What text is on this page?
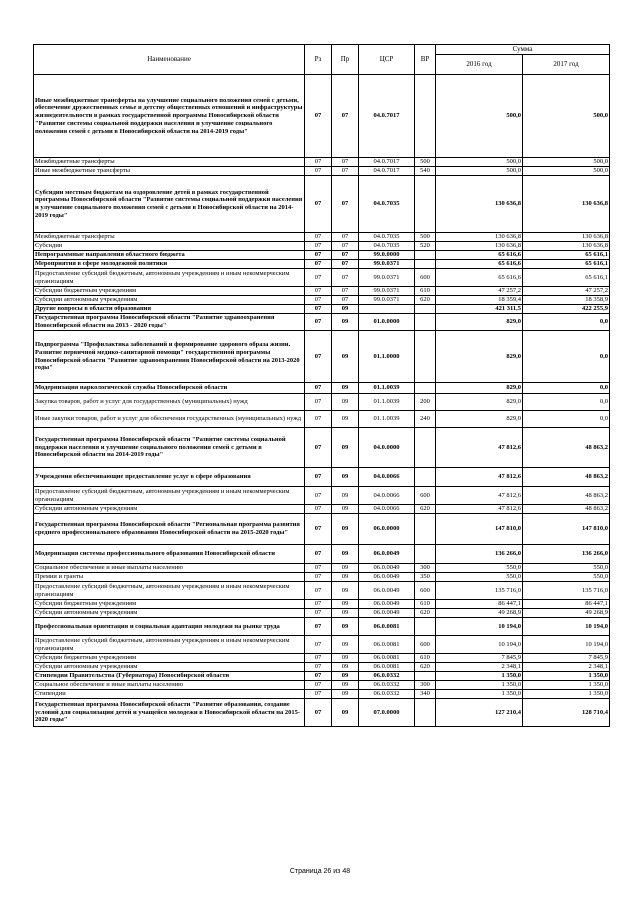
Наименование	Рз	Пр	ЦСР	ВР	Сумма	
					2016 год	2017 год
Иные межбюджетные трансферты на улучшение социального положения семей с детьми, обеспечение дружественных семье и детству общественных отношений и инфраструктуры жизнедеятельности в рамках государственной программы Новосибирской области "Развитие системы социальной поддержки населения и улучшение социального положения семей с детьми в Новосибирской области на 2014-2019 годы"	07	07	04.0.7017		500,0	500,0
Межбюджетные трансферты	07	07	04.0.7017	500	500,0	500,0
Иные межбюджетные трансферты	07	07	04.0.7017	540	500,0	500,0
Субсидии местным бюджетам на оздоровление детей в рамках государственной программы Новосибирской области "Развитие системы социальной поддержки населения и улучшение социального положения семей с детьми в Новосибирской области на 2014-2019 годы"	07	07	04.0.7035		130 636,8	130 636,8
Межбюджетные трансферты	07	07	04.0.7035	500	130 636,8	130 636,8
Субсидии	07	07	04.0.7035	520	130 636,8	130 636,8
Непрограммные направления областного бюджета	07	07	99.0.0000		65 616,6	65 616,1
Мероприятия в сфере молодежной политики	07	07	99.0.0371		65 616,6	65 616,1
Предоставление субсидий бюджетным, автономным учреждениям и иным некоммерческим организациям	07	07	99.0.0371	600	65 616,6	65 616,1
Субсидии бюджетным учреждениям	07	07	99.0.0371	610	47 257,2	47 257,2
Субсидии автономным учреждениям	07	07	99.0.0371	620	18 359,4	18 358,9
Другие вопросы в области образования	07	09			421 311,5	422 255,9
Государственная программа Новосибирской области "Развитие здравоохранения Новосибирской области на 2013 - 2020 годы"	07	09	01.0.0000		829,0	0,0
Подпрограмма "Профилактика заболеваний и формирование здорового образа жизни. Развитие первичной медико-санитарной помощи" государственной программы Новосибирской области "Развитие здравоохранения Новосибирской области на 2013-2020 годы"	07	09	01.1.0000		829,0	0,0
Модернизация наркологической службы Новосибирской области	07	09	01.1.0039		829,0	0,0
Закупка товаров, работ и услуг для государственных (муниципальных) нужд	07	09	01.1.0039	200	829,0	0,0
Иные закупки товаров, работ и услуг для обеспечения государственных (муниципальных) нужд	07	09	01.1.0039	240	829,0	0,0
Государственная программа Новосибирской области "Развитие системы социальной поддержки населения и улучшение социального положения семей с детьми в Новосибирской области на 2014-2019 годы"	07	09	04.0.0000		47 812,6	48 863,2
Учреждения обеспечивающие предоставление услуг в сфере образования	07	09	04.0.0066		47 812,6	48 863,2
Предоставление субсидий бюджетным, автономным учреждениям и иным некоммерческим организациям	07	09	04.0.0066	600	47 812,6	48 863,2
Субсидии автономным учреждениям	07	09	04.0.0066	620	47 812,6	48 863,2
Государственная программа Новосибирской области "Региональная программа развития среднего профессионального образования Новосибирской области на 2015-2020 годы"	07	09	06.0.0000		147 810,0	147 810,0
Модернизация системы профессионального образования Новосибирской области	07	09	06.0.0049		136 266,0	136 266,0
Социальное обеспечение и иные выплаты населению	07	09	06.0.0049	300	550,0	550,0
Премии и гранты	07	09	06.0.0049	350	550,0	550,0
Предоставление субсидий бюджетным, автономным учреждениям и иным некоммерческим организациям	07	09	06.0.0049	600	135 716,0	135 716,0
Субсидии бюджетным учреждениям	07	09	06.0.0049	610	86 447,1	86 447,1
Субсидии автономным учреждениям	07	09	06.0.0049	620	49 268,9	49 268,9
Профессиональная ориентация и социальная адаптация молодежи на рынке труда	07	09	06.0.0081		10 194,0	10 194,0
Предоставление субсидий бюджетным, автономным учреждениям и иным некоммерческим организациям	07	09	06.0.0081	600	10 194,0	10 194,0
Субсидии бюджетным учреждениям	07	09	06.0.0081	610	7 845,9	7 845,9
Субсидии автономным учреждениям	07	09	06.0.0081	620	2 348,1	2 348,1
Стипендии Правительства (Губернатора) Новосибирской области	07	09	06.0.0332		1 350,0	1 350,0
Социальное обеспечение и иные выплаты населению	07	09	06.0.0332	300	1 350,0	1 350,0
Стипендии	07	09	06.0.0332	340	1 350,0	1 350,0
Государственная программа Новосибирской области "Развитие образования, создание условий для социализации детей и учащейся молодежи в Новосибирской области на 2015-2020 годы"	07	09	07.0.0000		127 210,4	128 710,4
Страница 26 из 48
